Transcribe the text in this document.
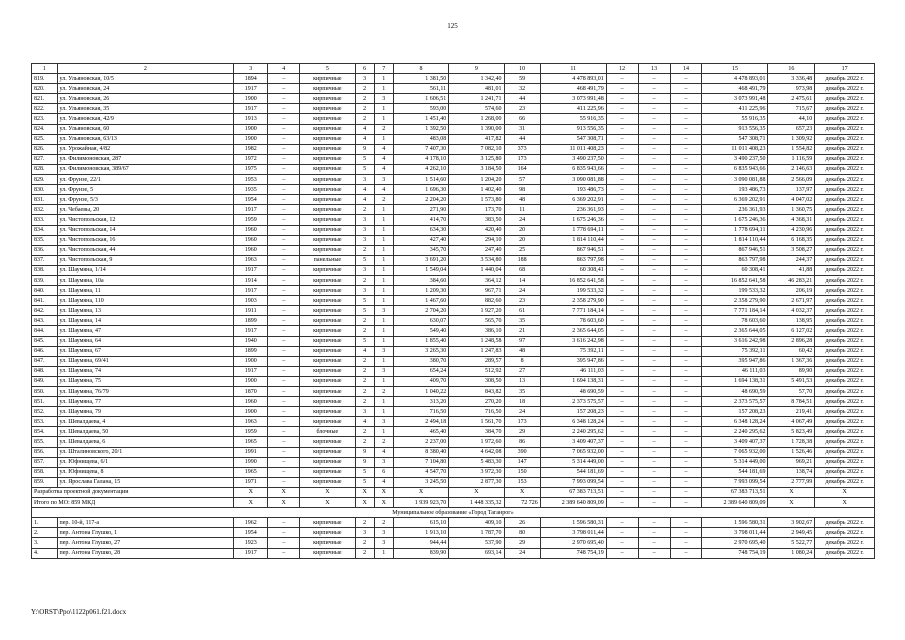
125
1	2	3	4	5	6	7	8	9	10	11	12	13	14	15	16	17
819.	ул. Ульяновская, 10/5	1894	–	кирпичные	3	1	1 381,50	1 342,40	59	4 478 893,01	–	–	–	4 478 893,01	3 336,48	декабрь 2022 г.
820.	ул. Ульяновская, 24	1917	–	кирпичные	2	1	561,11	481,01	32	468 491,79	–	–	–	468 491,79	973,98	декабрь 2022 г.
821.	ул. Ульяновская, 26	1900	–	кирпичные	2	3	1 606,51	1 241,71	44	3 073 991,48	–	–	–	3 073 991,48	2 475,61	декабрь 2022 г.
822.	ул. Ульяновская, 35	1917	–	кирпичные	2	1	593,00	574,60	23	411 225,96	–	–	–	411 225,96	715,67	декабрь 2022 г.
823.	ул. Ульяновская, 42/9	1913	–	кирпичные	2	1	1 451,40	1 268,00	66	55 916,35	–	–	–	55 916,35	44,10	декабрь 2022 г.
824.	ул. Ульяновская, 60	1900	–	кирпичные	4	2	1 392,50	1 390,00	31	913 556,35	–	–	–	913 556,35	657,23	декабрь 2022 г.
825.	ул. Ульяновская, 63/13	1900	–	кирпичные	4	1	483,08	417,82	44	547 308,71	–	–	–	547 308,71	1 309,92	декабрь 2022 г.
826.	ул. Урожайная, 4/82	1982	–	кирпичные	9	4	7 407,30	7 082,10	373	11 011 408,23	–	–	–	11 011 408,23	1 554,82	декабрь 2022 г.
827.	ул. Филимоновская, 287	1972	–	кирпичные	5	4	4 178,10	3 125,80	173	3 490 237,50	–	–	–	3 490 237,50	1 116,59	декабрь 2022 г.
828.	ул. Филимоновская, 389/67	1975	–	кирпичные	5	4	4 262,10	3 184,50	164	6 835 943,66	–	–	–	6 835 943,66	2 146,63	декабрь 2022 г.
829.	ул. Фрунзе, 22/1	1953	–	кирпичные	3	3	1 514,60	1 204,20	57	3 090 081,88	–	–	–	3 090 081,88	2 566,09	декабрь 2022 г.
830.	ул. Фрунзе, 5	1935	–	кирпичные	4	4	1 696,30	1 402,40	98	193 486,73	–	–	–	193 486,73	137,97	декабрь 2022 г.
831.	ул. Фрунзе, 5/3	1954	–	кирпичные	4	2	2 204,20	1 573,80	48	6 369 202,91	–	–	–	6 369 202,91	4 047,02	декабрь 2022 г.
832.	ул. Чебаевы, 20	1917	–	кирпичные	2	1	271,90	173,70	11	236 361,93	–	–	–	236 361,93	1 360,75	декабрь 2022 г.
833.	ул. Чистопольская, 12	1959	–	кирпичные	3	1	414,70	383,50	24	1 675 246,36	–	–	–	1 675 246,36	4 368,31	декабрь 2022 г.
834.	ул. Чистопольская, 14	1960	–	кирпичные	3	1	634,30	420,40	20	1 778 694,11	–	–	–	1 778 694,11	4 230,96	декабрь 2022 г.
835.	ул. Чистопольская, 16	1960	–	кирпичные	3	1	427,40	294,10	20	1 814 110,44	–	–	–	1 814 110,44	6 168,35	декабрь 2022 г.
836.	ул. Чистопольская, 44	1960	–	кирпичные	2	1	345,70	247,40	25	867 946,51	–	–	–	867 946,51	3 508,27	декабрь 2022 г.
837.	ул. Чистопольская, 9	1963	–	панельные	5	1	3 691,20	3 534,80	188	863 797,98	–	–	–	863 797,98	244,37	декабрь 2022 г.
838.	ул. Шаумяна, 1/14	1917	–	кирпичные	3	1	1 549,04	1 440,04	68	60 308,41	–	–	–	60 308,41	41,88	декабрь 2022 г.
839.	ул. Шаумяна, 10а	1914	–	кирпичные	2	1	384,60	364,12	14	16 852 641,58	–	–	–	16 852 641,58	46 283,21	декабрь 2022 г.
840.	ул. Шаумяна, 11	1917	–	кирпичные	3	1	1 209,30	967,71	24	199 533,32	–	–	–	199 533,32	206,19	декабрь 2022 г.
841.	ул. Шаумяна, 110	1903	–	кирпичные	5	1	1 467,60	882,60	23	2 358 279,90	–	–	–	2 358 279,90	2 671,97	декабрь 2022 г.
842.	ул. Шаумяна, 13	1911	–	кирпичные	5	3	2 704,20	1 927,20	61	7 771 184,14	–	–	–	7 771 184,14	4 032,37	декабрь 2022 г.
843.	ул. Шаумяна, 14	1899	–	кирпичные	2	1	630,07	565,70	35	78 603,60	–	–	–	78 603,60	138,95	декабрь 2022 г.
844.	ул. Шаумяна, 47	1917	–	кирпичные	2	1	549,40	386,10	21	2 365 644,05	–	–	–	2 365 644,05	6 127,02	декабрь 2022 г.
845.	ул. Шаумяна, 64	1940	–	кирпичные	5	1	1 855,40	1 248,58	97	3 616 242,98	–	–	–	3 616 242,98	2 896,28	декабрь 2022 г.
846.	ул. Шаумяна, 67	1899	–	кирпичные	4	3	3 265,30	1 247,83	48	75 392,11	–	–	–	75 392,11	60,42	декабрь 2022 г.
847.	ул. Шаумяна, 69/41	1900	–	кирпичные	2	1	380,70	289,57	8	395 947,86	–	–	–	395 947,86	1 367,36	декабрь 2022 г.
848.	ул. Шаумяна, 74	1917	–	кирпичные	2	3	654,24	512,92	27	46 111,03	–	–	–	46 111,03	89,90	декабрь 2022 г.
849.	ул. Шаумяна, 75	1900	–	кирпичные	2	1	409,70	308,50	13	1 694 138,31	–	–	–	1 694 138,31	5 491,53	декабрь 2022 г.
850.	ул. Шаумяна, 76/79	1870	–	кирпичные	2	2	1 040,22	843,82	35	48 690,59	–	–	–	48 690,59	57,70	декабрь 2022 г.
851.	ул. Шаумяна, 77	1960	–	кирпичные	2	1	313,20	270,20	18	2 373 575,57	–	–	–	2 373 575,57	8 784,51	декабрь 2022 г.
852.	ул. Шаумяна, 79	1900	–	кирпичные	3	1	716,50	716,50	24	157 208,23	–	–	–	157 208,23	219,41	декабрь 2022 г.
853.	ул. Шевалдаева, 4	1963	–	кирпичные	4	3	2 494,18	1 561,70	173	6 348 128,24	–	–	–	6 348 128,24	4 067,49	декабрь 2022 г.
854.	ул. Шевалдаева, 50	1959	–	блочные	2	1	465,40	384,70	29	2 240 295,62	–	–	–	2 240 295,62	5 823,49	декабрь 2022 г.
855.	ул. Шевалдаева, 6	1965	–	кирпичные	2	2	2 237,00	1 972,60	86	3 409 407,37	–	–	–	3 409 407,37	1 728,38	декабрь 2022 г.
856.	ул. Шталиновского, 20/1	1991	–	кирпичные	9	4	8 380,40	4 642,08	390	7 065 932,00	–	–	–	7 065 932,00	1 526,46	декабрь 2022 г.
857.	ул. Юфнищева, 6/1	1990	–	кирпичные	9	3	7 104,80	5 483,30	147	5 314 449,00	–	–	–	5 314 449,00	969,21	декабрь 2022 г.
858.	ул. Юфнищева, 8	1965	–	кирпичные	5	6	4 547,70	3 972,30	150	544 181,69	–	–	–	544 181,69	138,74	декабрь 2022 г.
859.	ул. Ярослава Галана, 15	1971	–	кирпичные	5	4	3 245,50	2 877,30	153	7 993 099,54	–	–	–	7 993 099,54	2 777,99	декабрь 2022 г.
Разработка проектной документации		X	X	X	X	X	X	X	X	67 383 713,51	–	–	–	67 383 713,51	X	X
Итого по МО: 859 МКД		X	X	X	X	X	1 939 923,70	1 448 335,32	72 726	2 389 640 809,09	–	–	–	2 389 640 809,09	X	X
Муниципальное образование «Город Таганрог»																
1.	пер. 10-й, 117-а	1962	–	кирпичные	2	2	615,10	409,10	26	1 596 580,31	–	–	–	1 596 580,31	3 902,67	декабрь 2022 г.
2.	пер. Антона Глушко, 1	1954	–	кирпичные	3	3	1 913,10	1 787,70	80	3 798 011,44	–	–	–	3 798 011,44	2 949,45	декабрь 2022 г.
3.	пер. Антона Глушко, 27	1923	–	кирпичные	2	3	944,44	537,90	29	2 970 695,40	–	–	–	2 970 695,40	5 522,77	декабрь 2022 г.
4.	пер. Антона Глушко, 28	1917	–	кирпичные	2	1	839,90	693,14	24	748 754,19	–	–	–	748 754,19	1 080,24	декабрь 2022 г.
Y:\ORST\Ppo\1122p061.f21.docx
